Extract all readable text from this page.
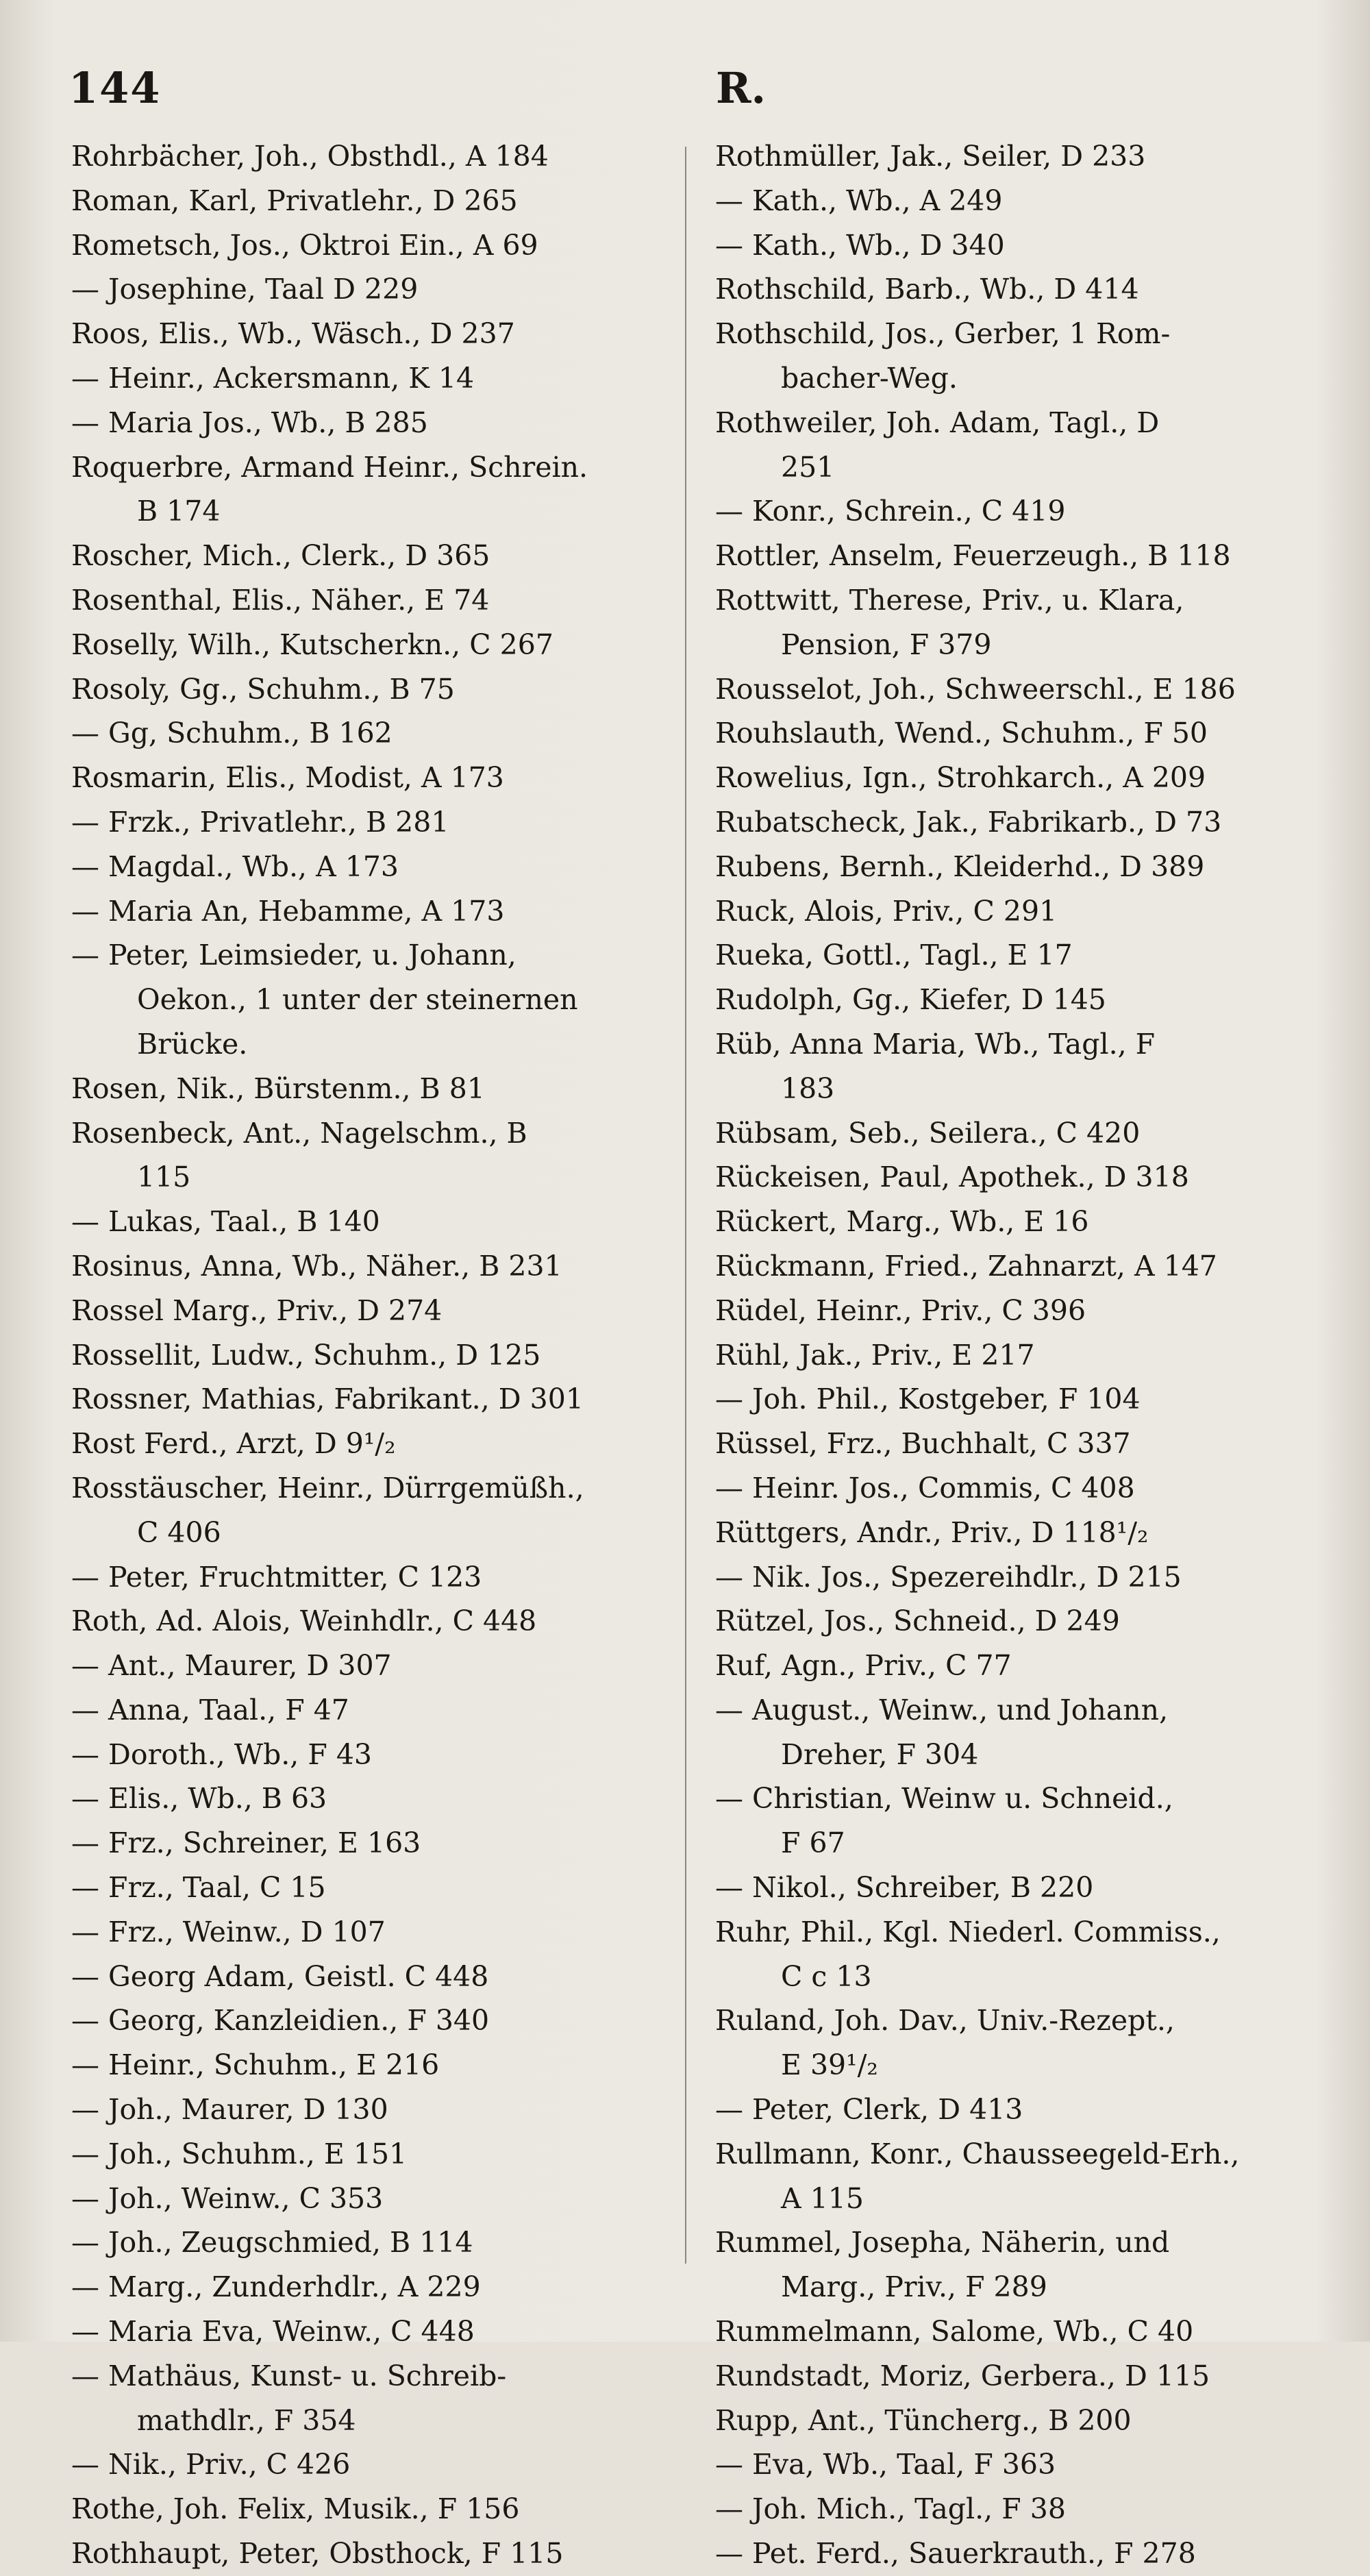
144	R.
Rohrbächer, Joh., Obsthdl., A 184
Roman, Karl, Privatlehr., D 265
Rometsch, Jos., Oktroi Ein., A 69
— Josephine, Taal D 229
Roos, Elis., Wb., Wäsch., D 237
— Heinr., Ackersmann, K 14
— Maria Jos., Wb., B 285
Roquerbre, Armand Heinr., Schrein.
B 174
Roscher, Mich., Clerk., D 365
Rosenthal, Elis., Näher., E 74
Roselly, Wilh., Kutscherkn., C 267
Rosoly, Gg., Schuhm., B 75
— Gg, Schuhm., B 162
Rosmarin, Elis., Modist, A 173
— Frzk., Privatlehr., B 281
— Magdal., Wb., A 173
— Maria An, Hebamme, A 173
— Peter, Leimsieder, u. Johann,
Oekon., 1 unter der steinernen
Brücke.
Rosen, Nik., Bürstenm., B 81
Rosenbeck, Ant., Nagelschm., B
115
— Lukas, Taal., B 140
Rosinus, Anna, Wb., Näher., B 231
Rossel Marg., Priv., D 274
Rossellit, Ludw., Schuhm., D 125
Rossner, Mathias, Fabrikant., D 301
Rost Ferd., Arzt, D 9¹/₂
Rosstäuscher, Heinr., Dürrgemüßh.,
C 406
— Peter, Fruchtmitter, C 123
Roth, Ad. Alois, Weinhdlr., C 448
— Ant., Maurer, D 307
— Anna, Taal., F 47
— Doroth., Wb., F 43
— Elis., Wb., B 63
— Frz., Schreiner, E 163
— Frz., Taal, C 15
— Frz., Weinw., D 107
— Georg Adam, Geistl. C 448
— Georg, Kanzleidien., F 340
— Heinr., Schuhm., E 216
— Joh., Maurer, D 130
— Joh., Schuhm., E 151
— Joh., Weinw., C 353
— Joh., Zeugschmied, B 114
— Marg., Zunderhdlr., A 229
— Maria Eva, Weinw., C 448
— Mathäus, Kunst- u. Schreib-
mathdlr., F 354
— Nik., Priv., C 426
Rothe, Joh. Felix, Musik., F 156
Rothhaupt, Peter, Obsthock, F 115
Rothmüller, Jak., Seiler, D 233
— Kath., Wb., A 249
— Kath., Wb., D 340
Rothschild, Barb., Wb., D 414
Rothschild, Jos., Gerber, 1 Rom-
bacher-Weg.
Rothweiler, Joh. Adam, Tagl., D
251
— Konr., Schrein., C 419
Rottler, Anselm, Feuerzeugh., B 118
Rottwitt, Therese, Priv., u. Klara,
Pension, F 379
Rousselot, Joh., Schweerschl., E 186
Rouhslauth, Wend., Schuhm., F 50
Rowelius, Ign., Strohkarch., A 209
Rubatscheck, Jak., Fabrikarb., D 73
Rubens, Bernh., Kleiderhd., D 389
Ruck, Alois, Priv., C 291
Rueka, Gottl., Tagl., E 17
Rudolph, Gg., Kiefer, D 145
Rüb, Anna Maria, Wb., Tagl., F
183
Rübsam, Seb., Seilera., C 420
Rückeisen, Paul, Apothek., D 318
Rückert, Marg., Wb., E 16
Rückmann, Fried., Zahnarzt, A 147
Rüdel, Heinr., Priv., C 396
Rühl, Jak., Priv., E 217
— Joh. Phil., Kostgeber, F 104
Rüssel, Frz., Buchhalt, C 337
— Heinr. Jos., Commis, C 408
Rüttgers, Andr., Priv., D 118¹/₂
— Nik. Jos., Spezereihdlr., D 215
Rützel, Jos., Schneid., D 249
Ruf, Agn., Priv., C 77
— August., Weinw., und Johann,
Dreher, F 304
— Christian, Weinw u. Schneid.,
F 67
— Nikol., Schreiber, B 220
Ruhr, Phil., Kgl. Niederl. Commiss.,
C c 13
Ruland, Joh. Dav., Univ.-Rezept.,
E 39¹/₂
— Peter, Clerk, D 413
Rullmann, Konr., Chausseegeld-Erh.,
A 115
Rummel, Josepha, Näherin, und
Marg., Priv., F 289
Rummelmann, Salome, Wb., C 40
Rundstadt, Moriz, Gerbera., D 115
Rupp, Ant., Tüncherg., B 200
— Eva, Wb., Taal, F 363
— Joh. Mich., Tagl., F 38
— Pet. Ferd., Sauerkrauth., F 278
